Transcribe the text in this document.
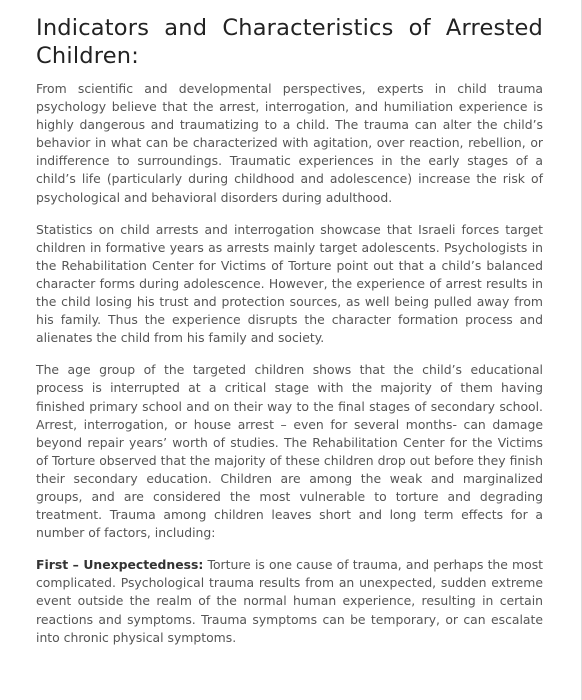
Indicators and Characteristics of Arrested Children:

From scientific and developmental perspectives, experts in child trauma psychology believe that the arrest, interrogation, and humiliation experience is highly dangerous and traumatizing to a child. The trauma can alter the child’s behavior in what can be characterized with agitation, over reaction, rebellion, or indifference to surroundings. Traumatic experiences in the early stages of a child’s life (particularly during childhood and adolescence) increase the risk of psychological and behavioral disorders during adulthood.

Statistics on child arrests and interrogation showcase that Israeli forces target children in formative years as arrests mainly target adolescents. Psychologists in the Rehabilitation Center for Victims of Torture point out that a child’s balanced character forms during adolescence. However, the experience of arrest results in the child losing his trust and protection sources, as well being pulled away from his family. Thus the experience disrupts the character formation process and alienates the child from his family and society.

The age group of the targeted children shows that the child’s educational process is interrupted at a critical stage with the majority of them having finished primary school and on their way to the final stages of secondary school. Arrest, interrogation, or house arrest – even for several months- can damage beyond repair years’ worth of studies. The Rehabilitation Center for the Victims of Torture observed that the majority of these children drop out before they finish their secondary education. Children are among the weak and marginalized groups, and are considered the most vulnerable to torture and degrading treatment. Trauma among children leaves short and long term effects for a number of factors, including:

First – Unexpectedness: Torture is one cause of trauma, and perhaps the most complicated. Psychological trauma results from an unexpected, sudden extreme event outside the realm of the normal human experience, resulting in certain reactions and symptoms. Trauma symptoms can be temporary, or can escalate into chronic physical symptoms.
